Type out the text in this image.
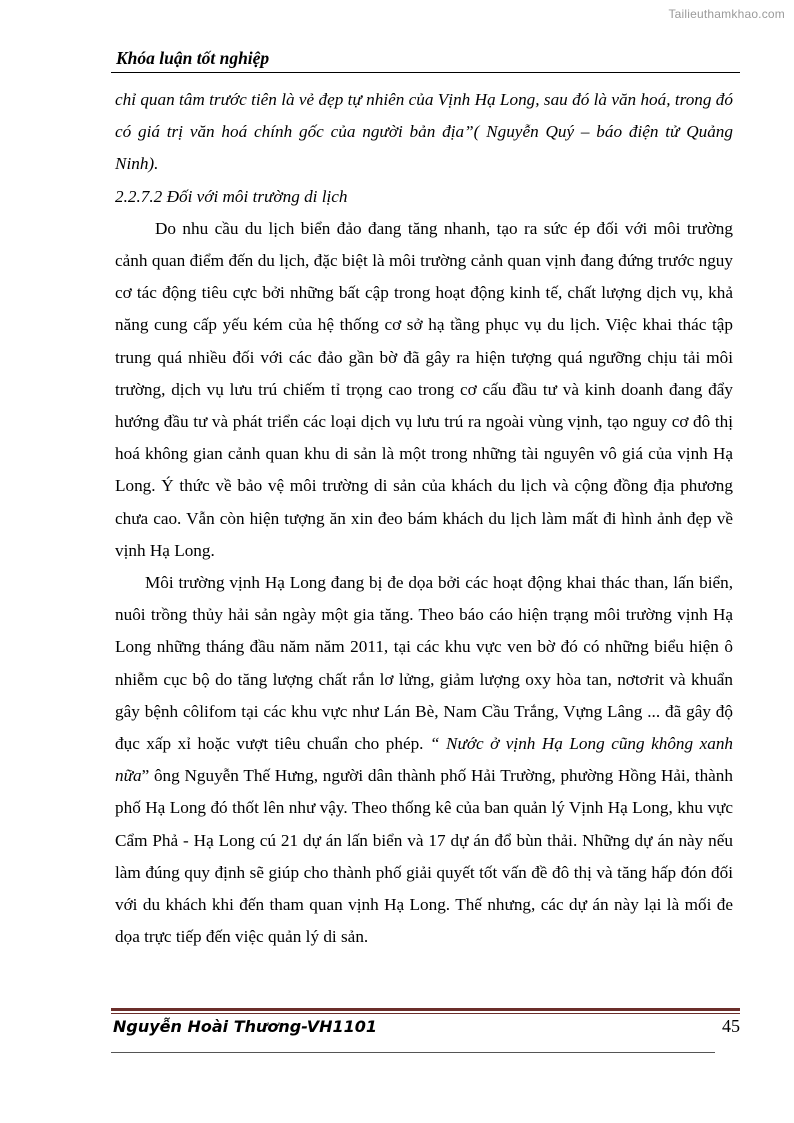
Tailieuthamkhao.com
Khóa luận tốt nghiệp

chỉ quan tâm trước tiên là vẻ đẹp tự nhiên của Vịnh Hạ Long, sau đó là văn hoá, trong đó có giá trị văn hoá chính gốc của người bản địa”( Nguyễn Quý – báo điện tử Quảng Ninh).

2.2.7.2 Đối với môi trường di lịch

Do nhu cầu du lịch biển đảo đang tăng nhanh, tạo ra sức ép đối với môi trường cảnh quan điểm đến du lịch, đặc biệt là môi trường cảnh quan vịnh đang đứng trước nguy cơ tác động tiêu cực bởi những bất cập trong hoạt động kinh tế, chất lượng dịch vụ, khả năng cung cấp yếu kém của hệ thống cơ sở hạ tầng phục vụ du lịch. Việc khai thác tập trung quá nhiều đối với các đảo gần bờ đã gây ra hiện tượng quá ngưỡng chịu tải môi trường, dịch vụ lưu trú chiếm tỉ trọng cao trong cơ cấu đầu tư và kinh doanh đang đẩy hướng đầu tư và phát triển các loại dịch vụ lưu trú ra ngoài vùng vịnh, tạo nguy cơ đô thị hoá không gian cảnh quan khu di sản là một trong những tài nguyên vô giá của vịnh Hạ Long. Ý thức về bảo vệ môi trường di sản của khách du lịch và cộng đồng địa phương chưa cao. Vẫn còn hiện tượng ăn xin đeo bám khách du lịch làm mất đi hình ảnh đẹp về vịnh Hạ Long.

Môi trường vịnh Hạ Long đang bị đe dọa bởi các hoạt động khai thác than, lấn biển, nuôi trồng thủy hải sản ngày một gia tăng. Theo báo cáo hiện trạng môi trường vịnh Hạ Long những tháng đầu năm năm 2011, tại các khu vực ven bờ đó có những biểu hiện ô nhiễm cục bộ do tăng lượng chất rắn lơ lửng, giảm lượng oxy hòa tan, nơtơrit và khuẩn gây bệnh côlifom tại các khu vực như Lán Bè, Nam Cầu Trắng, Vựng Lâng ... đã gây độ đục xấp xỉ hoặc vượt tiêu chuẩn cho phép. “ Nước ở vịnh Hạ Long cũng không xanh nữa” ông Nguyễn Thế Hưng, người dân thành phố Hải Trường, phường Hồng Hải, thành phố Hạ Long đó thốt lên như vậy. Theo thống kê của ban quản lý Vịnh Hạ Long, khu vực Cẩm Phả - Hạ Long cú 21 dự án lấn biển và 17 dự án đổ bùn thải. Những dự án này nếu làm đúng quy định sẽ giúp cho thành phố giải quyết tốt vấn đề đô thị và tăng hấp đón đối với du khách khi đến tham quan vịnh Hạ Long. Thế nhưng, các dự án này lại là mối đe dọa trực tiếp đến việc quản lý di sản.

Nguyễn Hoài Thương-VH1101	45
